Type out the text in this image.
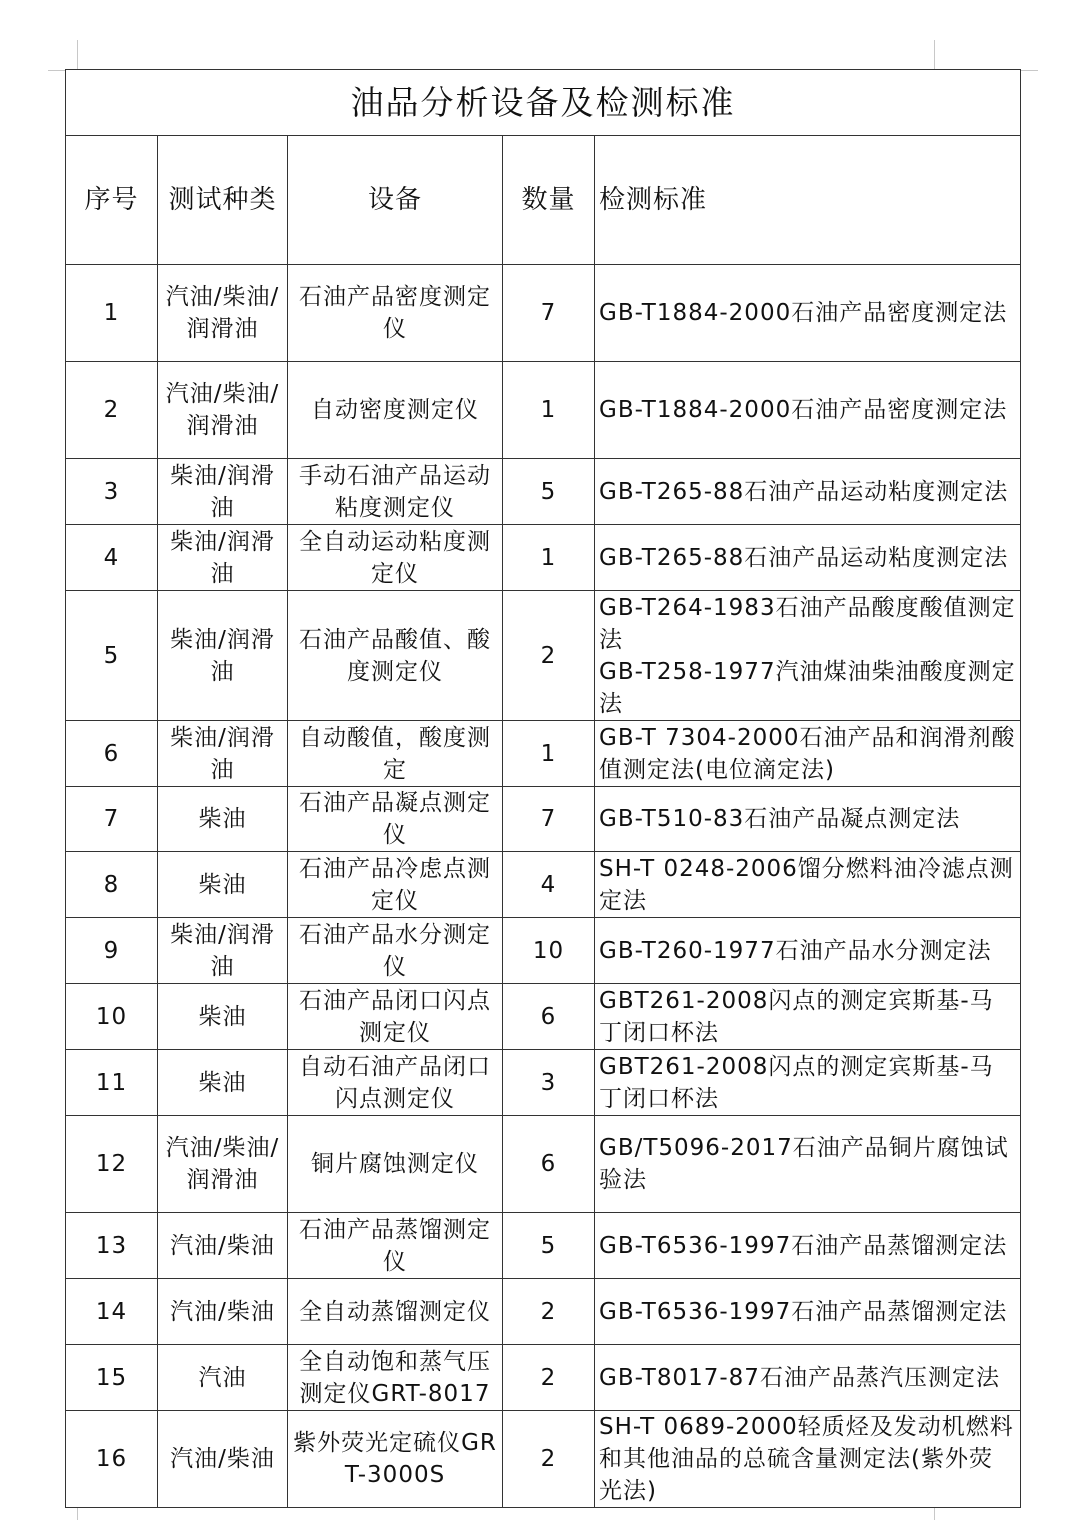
油品分析设备及检测标准				
序号	测试种类	设备	数量	检测标准
1	汽油/柴油/润滑油	石油产品密度测定仪	7	GB-T1884-2000石油产品密度测定法
2	汽油/柴油/润滑油	自动密度测定仪	1	GB-T1884-2000石油产品密度测定法
3	柴油/润滑油	手动石油产品运动粘度测定仪	5	GB-T265-88石油产品运动粘度测定法
4	柴油/润滑油	全自动运动粘度测定仪	1	GB-T265-88石油产品运动粘度测定法
5	柴油/润滑油	石油产品酸值、酸度测定仪	2	GB-T264-1983石油产品酸度酸值测定法
GB-T258-1977汽油煤油柴油酸度测定法

6	柴油/润滑油	自动酸值，酸度测定	1	GB-T 7304-2000石油产品和润滑剂酸值测定法(电位滴定法)
7	柴油	石油产品凝点测定仪	7	GB-T510-83石油产品凝点测定法
8	柴油	石油产品冷虑点测定仪	4	SH-T 0248-2006馏分燃料油冷滤点测定法
9	柴油/润滑油	石油产品水分测定仪	10	GB-T260-1977石油产品水分测定法
10	柴油	石油产品闭口闪点测定仪	6	GBT261-2008闪点的测定宾斯基-马丁闭口杯法
11	柴油	自动石油产品闭口闪点测定仪	3	GBT261-2008闪点的测定宾斯基-马丁闭口杯法
12	汽油/柴油/润滑油	铜片腐蚀测定仪	6	GB/T5096-2017石油产品铜片腐蚀试验法
13	汽油/柴油	石油产品蒸馏测定仪	5	GB-T6536-1997石油产品蒸馏测定法
14	汽油/柴油	全自动蒸馏测定仪	2	GB-T6536-1997石油产品蒸馏测定法
15	汽油	全自动饱和蒸气压测定仪GRT-8017	2	GB-T8017-87石油产品蒸汽压测定法
16	汽油/柴油	紫外荧光定硫仪GRT-3000S	2	SH-T 0689-2000轻质烃及发动机燃料和其他油品的总硫含量测定法(紫外荧光法)
